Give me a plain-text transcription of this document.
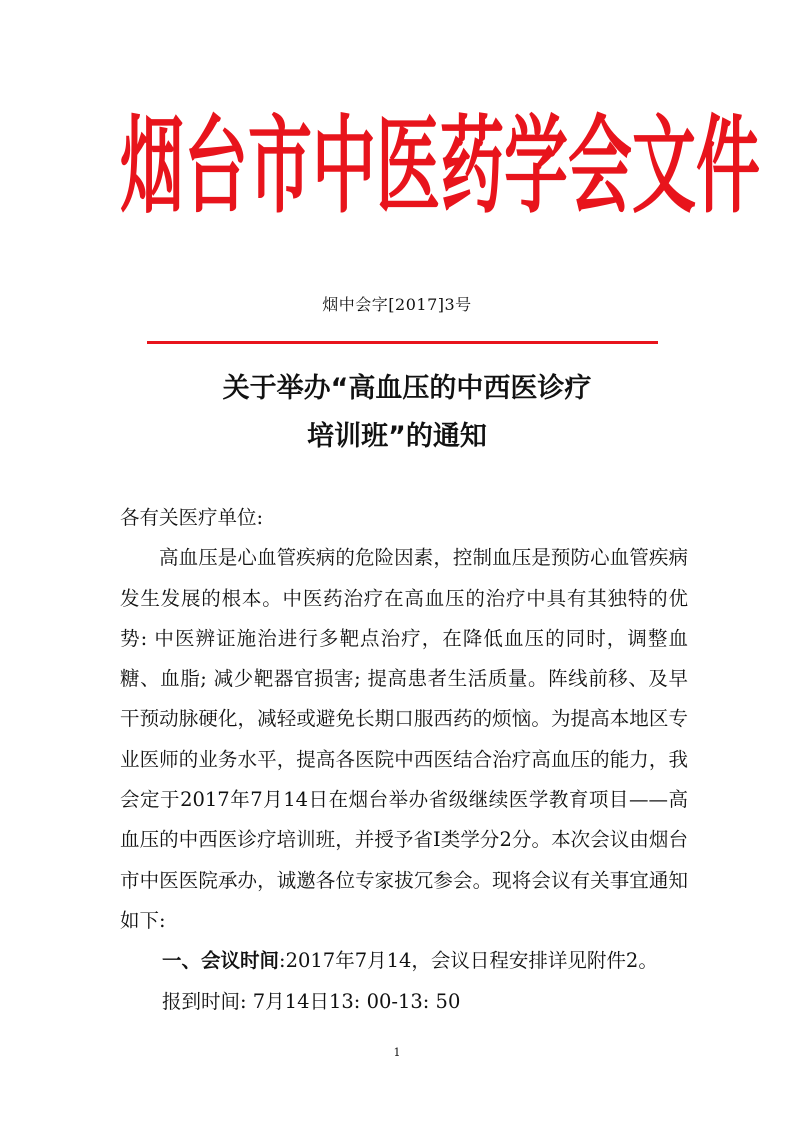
烟台市中医药学会文件
烟中会字[2017]3号
关于举办“高血压的中西医诊疗
培训班”的通知

各有关医疗单位:

高血压是心血管疾病的危险因素，控制血压是预防心血管疾病发生发展的根本。中医药治疗在高血压的治疗中具有其独特的优势: 中医辨证施治进行多靶点治疗，在降低血压的同时，调整血糖、血脂; 减少靶器官损害; 提高患者生活质量。阵线前移、及早干预动脉硬化，减轻或避免长期口服西药的烦恼。为提高本地区专业医师的业务水平，提高各医院中西医结合治疗高血压的能力，我会定于2017年7月14日在烟台举办省级继续医学教育项目——高血压的中西医诊疗培训班，并授予省I类学分2分。本次会议由烟台市中医医院承办，诚邀各位专家拔冗参会。现将会议有关事宜通知如下:

一、会议时间:2017年7月14，会议日程安排详见附件2。

报到时间: 7月14日13: 00-13: 50

1
